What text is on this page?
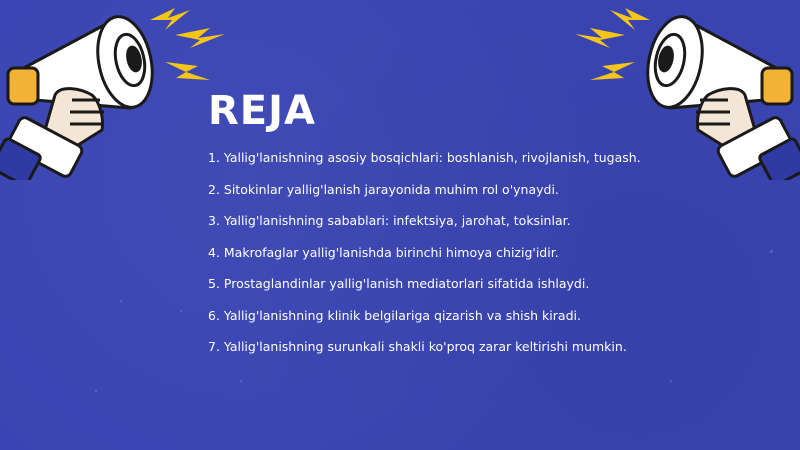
REJA
1. Yallig'lanishning asosiy bosqichlari: boshlanish, rivojlanish, tugash.
2. Sitokinlar yallig'lanish jarayonida muhim rol o'ynaydi.
3. Yallig'lanishning sabablari: infektsiya, jarohat, toksinlar.
4. Makrofaglar yallig'lanishda birinchi himoya chizig'idir.
5. Prostaglandinlar yallig'lanish mediatorlari sifatida ishlaydi.
6. Yallig'lanishning klinik belgilariga qizarish va shish kiradi.
7. Yallig'lanishning surunkali shakli ko'proq zarar keltirishi mumkin.
